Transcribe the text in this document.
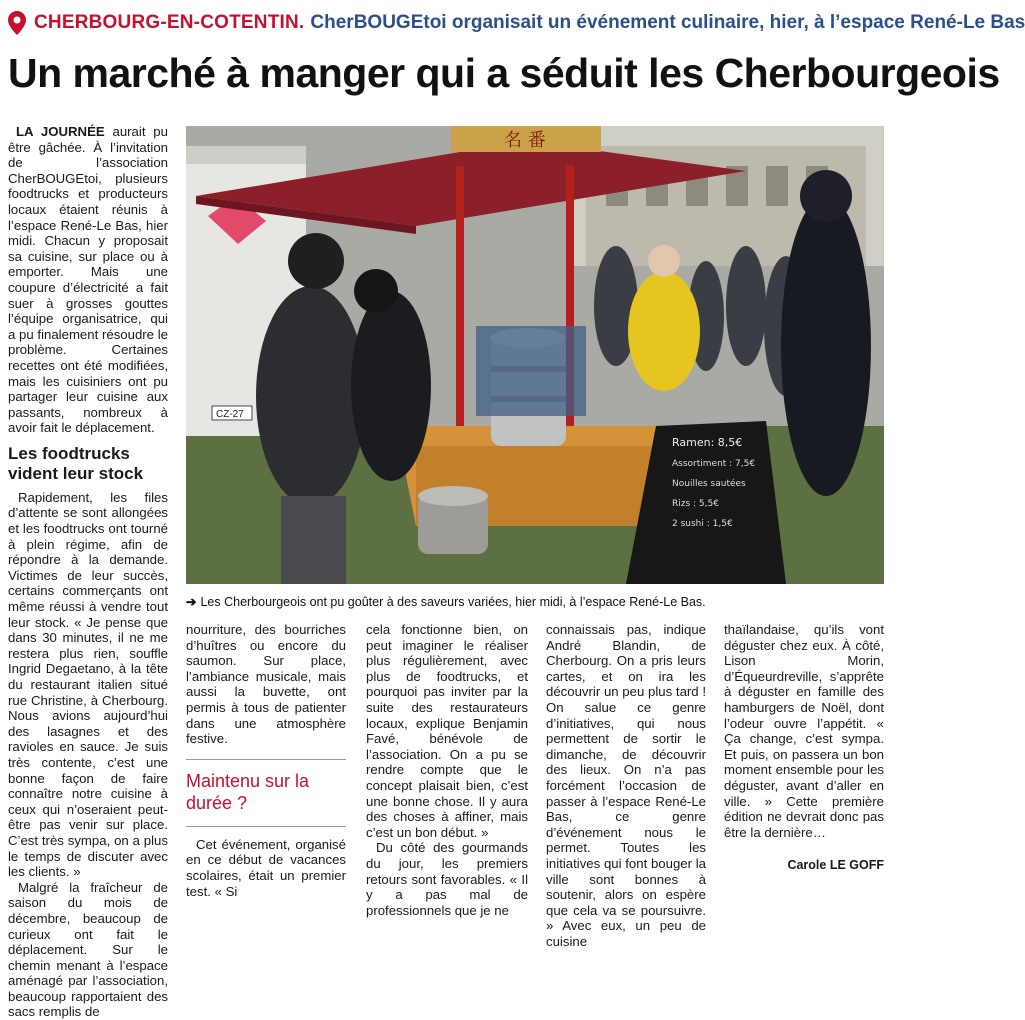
CHERBOURG-EN-COTENTIN. CherBOUGEtoi organisait un événement culinaire, hier, à l’espace René-Le Bas
Un marché à manger qui a séduit les Cherbourgeois

LA JOURNÉE aurait pu être gâchée. À l’invitation de l’association CherBOUGEtoi, plusieurs foodtrucks et producteurs locaux étaient réunis à l’espace René-Le Bas, hier midi. Chacun y proposait sa cuisine, sur place ou à emporter. Mais une coupure d’électricité a fait suer à grosses gouttes l’équipe organisatrice, qui a pu finalement résoudre le problème. Certaines recettes ont été modifiées, mais les cuisiniers ont pu partager leur cuisine aux passants, nombreux à avoir fait le déplacement.

Les foodtrucks vident leur stock

Rapidement, les files d’attente se sont allongées et les foodtrucks ont tourné à plein régime, afin de répondre à la demande. Victimes de leur succès, certains commerçants ont même réussi à vendre tout leur stock. « Je pense que dans 30 minutes, il ne me restera plus rien, souffle Ingrid Degaetano, à la tête du restaurant italien situé rue Christine, à Cherbourg. Nous avions aujourd’hui des lasagnes et des ravioles en sauce. Je suis très contente, c’est une bonne façon de faire connaître notre cuisine à ceux qui n’oseraient peut-être pas venir sur place. C’est très sympa, on a plus le temps de discuter avec les clients. »

Malgré la fraîcheur de saison du mois de décembre, beaucoup de curieux ont fait le déplacement. Sur le chemin menant à l’espace aménagé par l’association, beaucoup rapportaient des sacs remplis de

CZ-27
名 番
Ramen: 8,5€
Assortiment : 7,5€
Nouilles sautées
Rizs : 5,5€
2 sushi : 1,5€
➔ Les Cherbourgeois ont pu goûter à des saveurs variées, hier midi, à l’espace René-Le Bas.

nourriture, des bourriches d’huîtres ou encore du saumon. Sur place, l’ambiance musicale, mais aussi la buvette, ont permis à tous de patienter dans une atmosphère festive.

Maintenu sur la durée ?

Cet événement, organisé en ce début de vacances scolaires, était un premier test. « Si

cela fonctionne bien, on peut imaginer le réaliser plus régulièrement, avec plus de foodtrucks, et pourquoi pas inviter par la suite des restaurateurs locaux, explique Benjamin Favé, bénévole de l’association. On a pu se rendre compte que le concept plaisait bien, c’est une bonne chose. Il y aura des choses à affiner, mais c’est un bon début. »

Du côté des gourmands du jour, les premiers retours sont favorables. « Il y a pas mal de professionnels que je ne

connaissais pas, indique André Blandin, de Cherbourg. On a pris leurs cartes, et on ira les découvrir un peu plus tard ! On salue ce genre d’initiatives, qui nous permettent de sortir le dimanche, de découvrir des lieux. On n’a pas forcément l’occasion de passer à l’espace René-Le Bas, ce genre d’événement nous le permet. Toutes les initiatives qui font bouger la ville sont bonnes à soutenir, alors on espère que cela va se poursuivre. » Avec eux, un peu de cuisine

thaïlandaise, qu’ils vont déguster chez eux. À côté, Lison Morin, d’Équeurdreville, s’apprête à déguster en famille des hamburgers de Noël, dont l’odeur ouvre l’appétit. « Ça change, c’est sympa. Et puis, on passera un bon moment ensemble pour les déguster, avant d’aller en ville. » Cette première édition ne devrait donc pas être la dernière…

Carole LE GOFF
